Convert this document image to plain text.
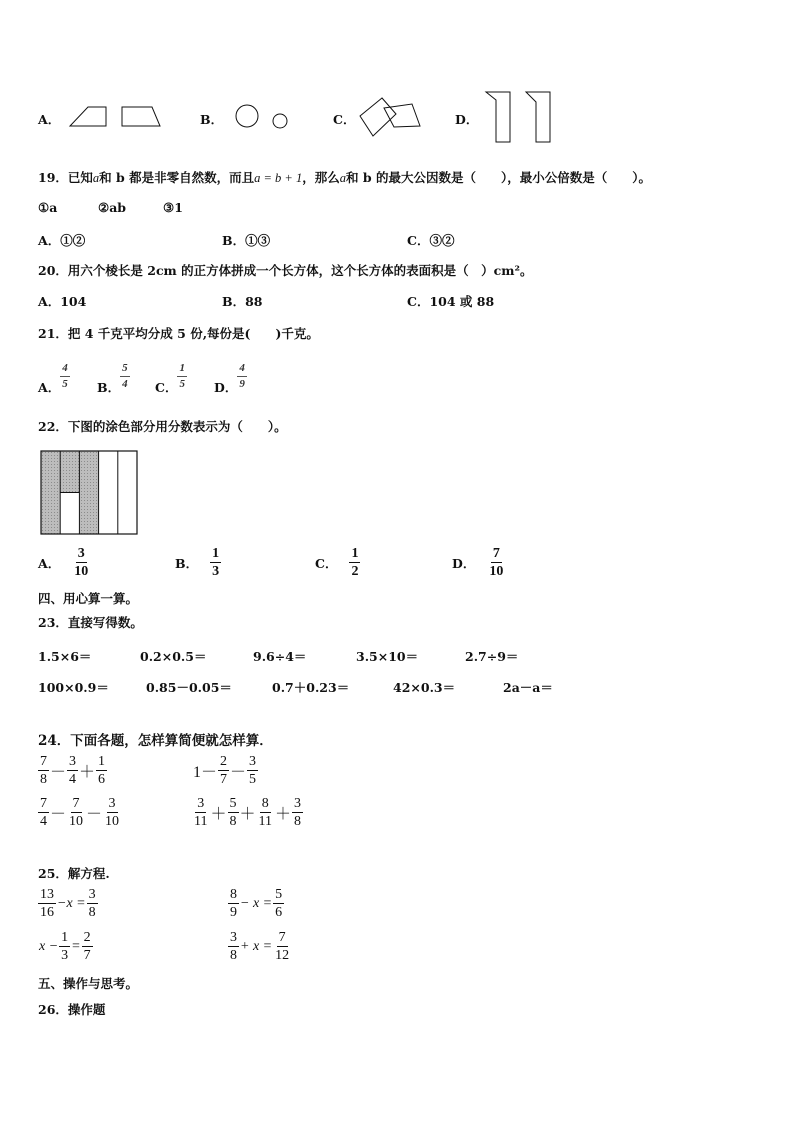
A．	B．	C．	D．
19．已知a和 b 都是非零自然数，而且a = b + 1，那么a和 b 的最大公因数是（　　），最小公倍数是（　　）。
①a	②ab	③1
A．①②	B．①③	C．③②
20．用六个棱长是 2cm 的正方体拼成一个长方体，这个长方体的表面积是（　）cm²。
A．104	B．88	C．104 或 88
21．把 4 千克平均分成 5 份,每份是(　　)千克。
A． $\frac{4}{5}$ B． $\frac{5}{4}$ C． $\frac{1}{5}$ D． $\frac{4}{9}$
22．下图的涂色部分用分数表示为（　　）。
A． $\frac{3}{10}$	B． $\frac{1}{3}$	C． $\frac{1}{2}$	D． $\frac{7}{10}$
四、用心算一算。
23．直接写得数。
1.5×6＝	0.2×0.5＝	9.6÷4＝	3.5×10＝	2.7÷9＝
100×0.9＝	0.85－0.05＝	0.7＋0.23＝	42×0.3＝	2a－a＝
24．下面各题，怎样算简便就怎样算．
$\frac{7}{8} - \frac{3}{4} + \frac{1}{6}$	$1- \frac{2}{7} - \frac{3}{5}$
$\frac{7}{4} - \frac{7}{10} - \frac{3}{10}$	$\frac{3}{11} + \frac{5}{8} + \frac{8}{11} + \frac{3}{8}$
25．解方程.
$\frac{13}{16} -x = \frac{3}{8}$	$\frac{8}{9} - x = \frac{5}{6}$
$x - \frac{1}{3} = \frac{2}{7}$	$\frac{3}{8} + x = \frac{7}{12}$
五、操作与思考。
26．操作题
